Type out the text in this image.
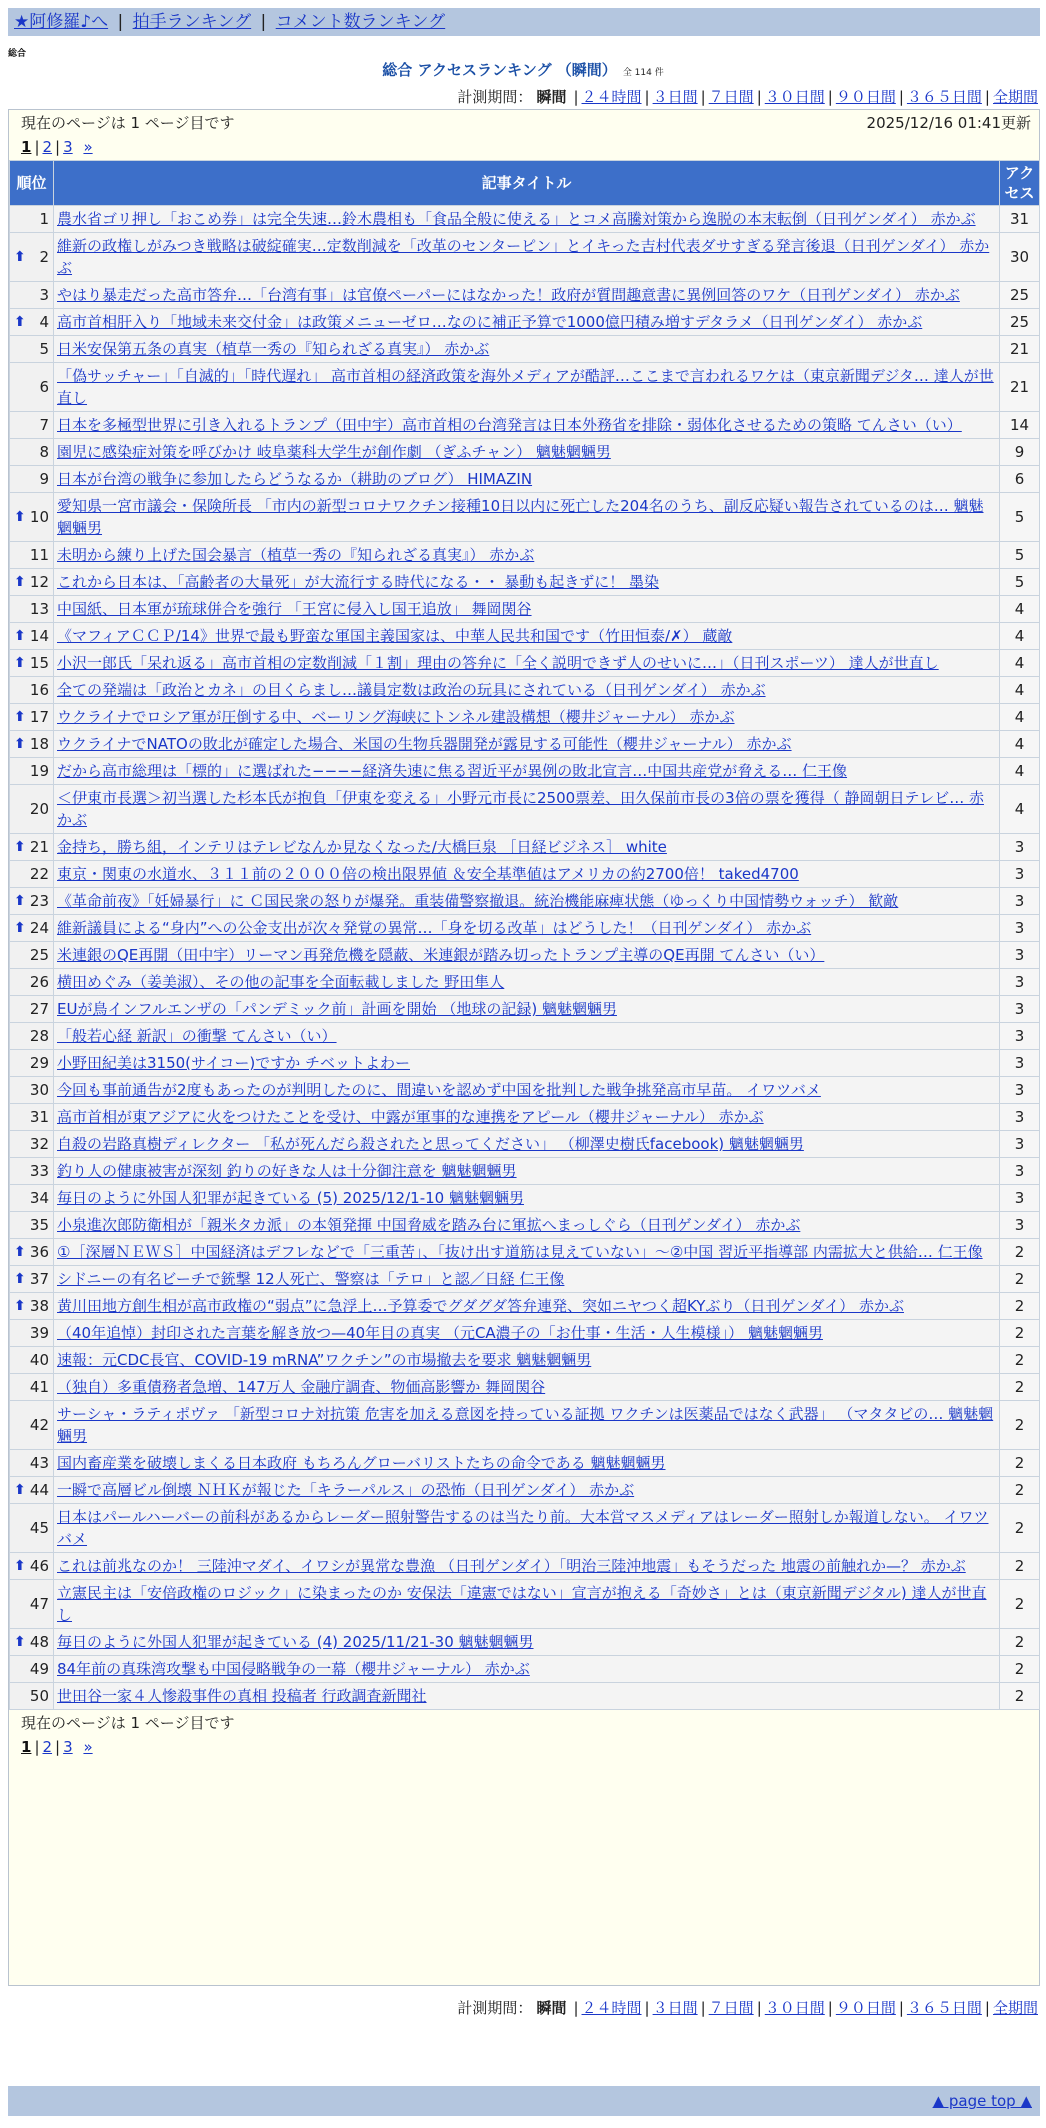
★阿修羅♪へ | 拍手ランキング | コメント数ランキング
総合
総合 アクセスランキング （瞬間） 全 114 件
計測期間： 瞬間 | ２４時間 | ３日間 | ７日間 | ３０日間 | ９０日間 | ３６５日間 | 全期間
現在のページは 1 ページ目です	2025/12/16 01:41更新
1 | 2 | 3 »
順位	記事タイトル	アクセス
1	農水省ゴリ押し「おこめ券」は完全失速…鈴木農相も「食品全般に使える」とコメ高騰対策から逸脱の本末転倒（日刊ゲンダイ） 赤かぶ	31

⬆ 2	維新の政権しがみつき戦略は破綻確実…定数削減を「改革のセンターピン」とイキった吉村代表ダサすぎる発言後退（日刊ゲンダイ） 赤かぶ	30
3	やはり暴走だった高市答弁…「台湾有事」は官僚ペーパーにはなかった！政府が質問趣意書に異例回答のワケ（日刊ゲンダイ） 赤かぶ	25

⬆ 4	高市首相肝入り「地域未来交付金」は政策メニューゼロ…なのに補正予算で1000億円積み増すデタラメ（日刊ゲンダイ） 赤かぶ	25
5	日米安保第五条の真実（植草一秀の『知られざる真実』） 赤かぶ	21
6	「偽サッチャー」「自滅的」「時代遅れ」 高市首相の経済政策を海外メディアが酷評…ここまで言われるワケは（東京新聞デジタ… 達人が世直し	21
7	日本を多極型世界に引き入れるトランプ（田中宇）高市首相の台湾発言は日本外務省を排除・弱体化させるための策略 てんさい（い）	14
8	園児に感染症対策を呼びかけ 岐阜薬科大学生が創作劇 （ぎふチャン） 魑魅魍魎男	9
9	日本が台湾の戦争に参加したらどうなるか（耕助のブログ） HIMAZIN	6

⬆ 10	愛知県一宮市議会・保険所長 「市内の新型コロナワクチン接種10日以内に死亡した204名のうち、副反応疑い報告されているのは… 魑魅魍魎男	5
11	未明から練り上げた国会暴言（植草一秀の『知られざる真実』） 赤かぶ	5

⬆ 12	これから日本は、「高齢者の大量死」が大流行する時代になる・・ 暴動も起きずに！ 墨染	5
13	中国紙、日本軍が琉球併合を強行 「王宮に侵入し国王追放」 舞岡関谷	4

⬆ 14	《マフィアＣＣＰ/14》世界で最も野蛮な軍国主義国家は、中華人民共和国です（竹田恒泰/✗） 蔵敵	4

⬆ 15	小沢一郎氏「呆れ返る」高市首相の定数削減「１割」理由の答弁に「全く説明できず人のせいに…」（日刊スポーツ） 達人が世直し	4
16	全ての発端は「政治とカネ」の目くらまし…議員定数は政治の玩具にされている（日刊ゲンダイ） 赤かぶ	4

⬆ 17	ウクライナでロシア軍が圧倒する中、ベーリング海峡にトンネル建設構想（櫻井ジャーナル） 赤かぶ	4

⬆ 18	ウクライナでNATOの敗北が確定した場合、米国の生物兵器開発が露見する可能性（櫻井ジャーナル） 赤かぶ	4
19	だから高市総理は「標的」に選ばれた−−−−経済失速に焦る習近平が異例の敗北宣言…中国共産党が脅える… 仁王像	4
20	＜伊東市長選＞初当選した杉本氏が抱負「伊東を変える」小野元市長に2500票差、田久保前市長の3倍の票を獲得（ 静岡朝日テレビ… 赤かぶ	4

⬆ 21	金持ち，勝ち組，インテリはテレビなんか見なくなった/大橋巨泉 ［日経ビジネス］ white	3
22	東京・関東の水道水、３１１前の２０００倍の検出限界値 ＆安全基準値はアメリカの約2700倍！ taked4700	3

⬆ 23	《革命前夜》「妊婦暴行」に Ｃ国民衆の怒りが爆発。重装備警察撤退。統治機能麻痺状態（ゆっくり中国情勢ウォッチ） 歓敵	3

⬆ 24	維新議員による“身内”への公金支出が次々発覚の異常…「身を切る改革」はどうした！（日刊ゲンダイ） 赤かぶ	3
25	米連銀のQE再開（田中宇）リーマン再発危機を隠蔽、米連銀が踏み切ったトランプ主導のQE再開 てんさい（い）	3
26	横田めぐみ（姜美淑）、その他の記事を全面転載しました 野田隼人	3
27	EUが鳥インフルエンザの「パンデミック前」計画を開始 （地球の記録) 魑魅魍魎男	3
28	「般若心経 新訳」の衝撃 てんさい（い）	3
29	小野田紀美は3150(サイコー)ですか チベットよわー	3
30	今回も事前通告が2度もあったのが判明したのに、間違いを認めず中国を批判した戦争挑発高市早苗。 イワツバメ	3
31	高市首相が東アジアに火をつけたことを受け、中露が軍事的な連携をアピール（櫻井ジャーナル） 赤かぶ	3
32	自殺の岩路真樹ディレクター 「私が死んだら殺されたと思ってください」 （柳澤史樹氏facebook) 魑魅魍魎男	3
33	釣り人の健康被害が深刻 釣りの好きな人は十分御注意を 魑魅魍魎男	3
34	毎日のように外国人犯罪が起きている (5) 2025/12/1-10 魑魅魍魎男	3
35	小泉進次郎防衛相が「親米タカ派」の本領発揮 中国脅威を踏み台に軍拡へまっしぐら（日刊ゲンダイ） 赤かぶ	3

⬆ 36	①［深層ＮＥＷＳ］中国経済はデフレなどで「三重苦」、「抜け出す道筋は見えていない」〜②中国 習近平指導部 内需拡大と供給… 仁王像	2

⬆ 37	シドニーの有名ビーチで銃撃 12人死亡、警察は「テロ」と認／日経 仁王像	2

⬆ 38	黄川田地方創生相が高市政権の“弱点”に急浮上…予算委でグダグダ答弁連発、突如ニヤつく超KYぶり（日刊ゲンダイ） 赤かぶ	2
39	（40年追悼）封印された言葉を解き放つ—40年目の真実 （元CA濃子の「お仕事・生活・人生模様」） 魑魅魍魎男	2
40	速報：元CDC長官、COVID-19 mRNA”ワクチン”の市場撤去を要求 魑魅魍魎男	2
41	（独自）多重債務者急増、147万人 金融庁調査、物価高影響か 舞岡関谷	2
42	サーシャ・ラティポヴァ 「新型コロナ対抗策 危害を加える意図を持っている証拠 ワクチンは医薬品ではなく武器」 （マタタビの… 魑魅魍魎男	2
43	国内畜産業を破壊しまくる日本政府 もちろんグローバリストたちの命令である 魑魅魍魎男	2

⬆ 44	一瞬で高層ビル倒壊 ＮＨＫが報じた「キラーパルス」の恐怖（日刊ゲンダイ） 赤かぶ	2
45	日本はパールハーバーの前科があるからレーダー照射警告するのは当たり前。大本営マスメディアはレーダー照射しか報道しない。 イワツバメ	2

⬆ 46	これは前兆なのか！ 三陸沖マダイ、イワシが異常な豊漁 （日刊ゲンダイ）「明治三陸沖地震」もそうだった 地震の前触れか—？ 赤かぶ	2
47	立憲民主は「安倍政権のロジック」に染まったのか 安保法「違憲ではない」宣言が抱える「奇妙さ」とは（東京新聞デジタル) 達人が世直し	2

⬆ 48	毎日のように外国人犯罪が起きている (4) 2025/11/21-30 魑魅魍魎男	2
49	84年前の真珠湾攻撃も中国侵略戦争の一幕（櫻井ジャーナル） 赤かぶ	2
50	世田谷一家４人惨殺事件の真相 投稿者 行政調査新聞社	2
現在のページは 1 ページ目です
1 | 2 | 3 »
計測期間： 瞬間 | ２４時間 | ３日間 | ７日間 | ３０日間 | ９０日間 | ３６５日間 | 全期間
▲ page top ▲
